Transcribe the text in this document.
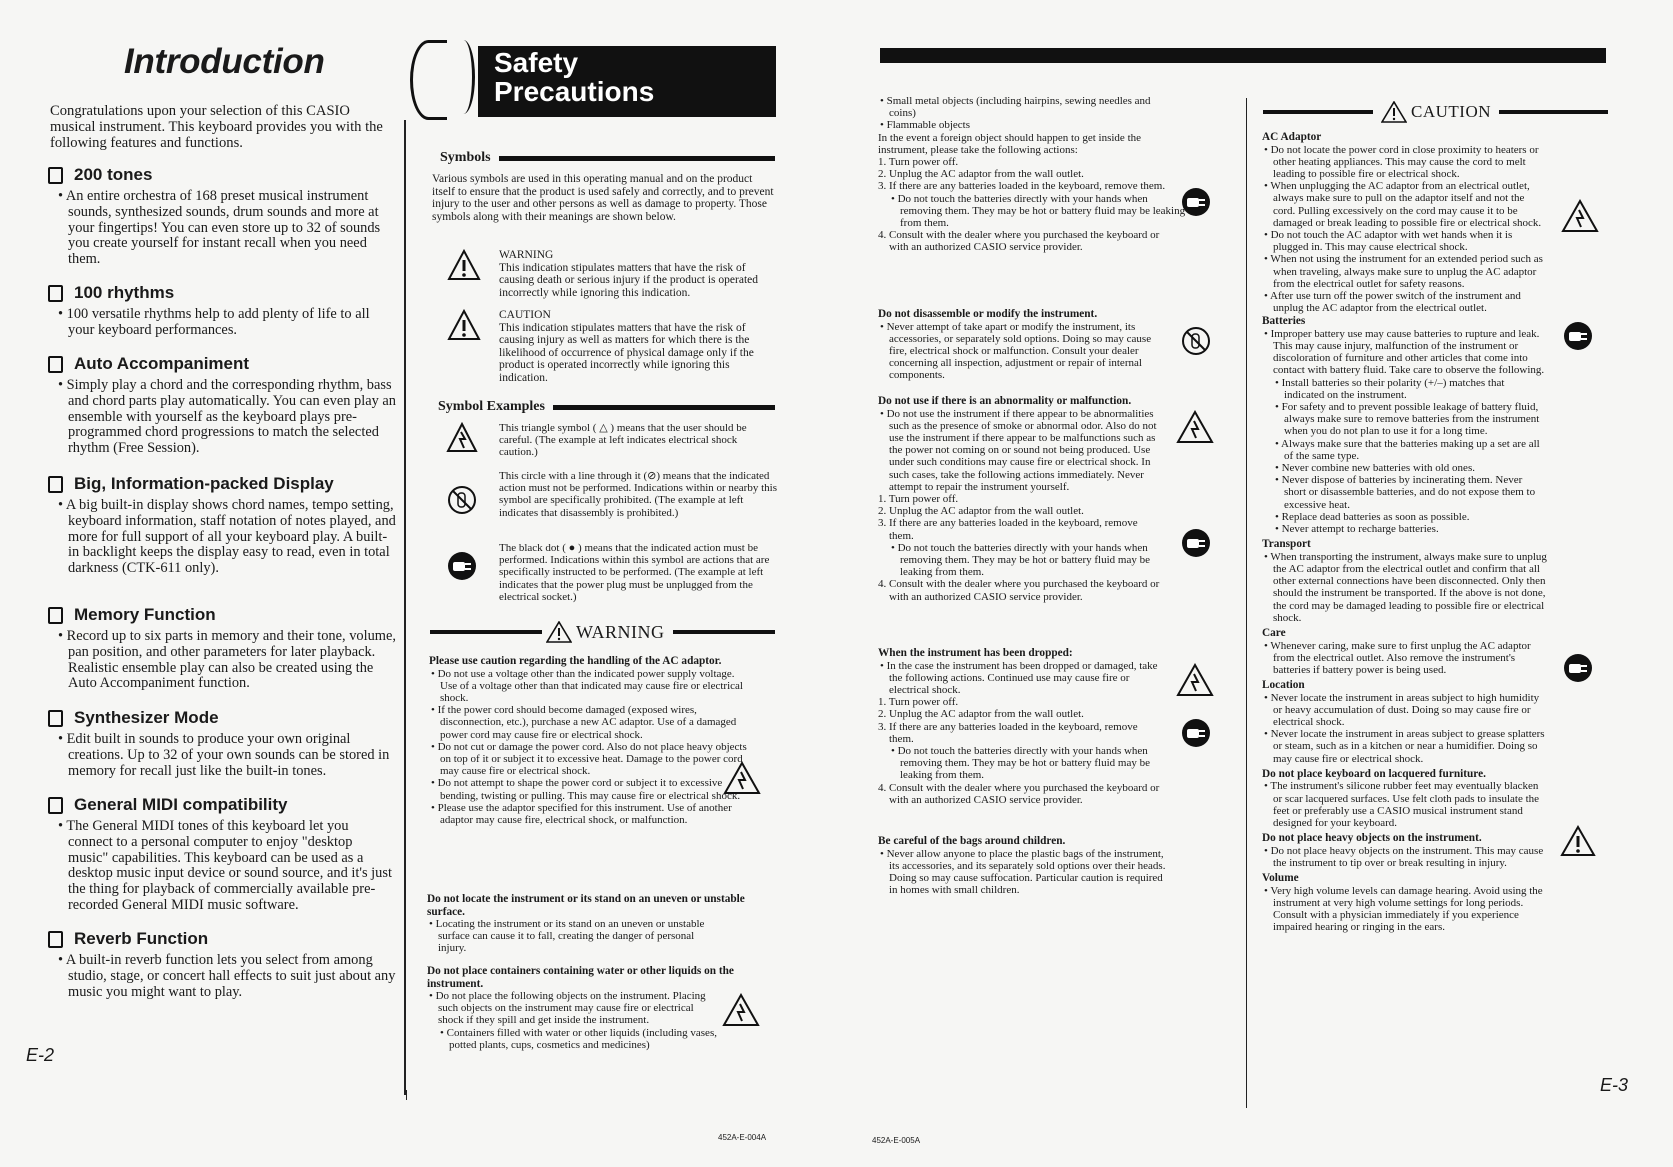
Introduction
Congratulations upon your selection of this CASIO musical instrument. This keyboard provides you with the following features and functions.
200 tones
• An entire orchestra of 168 preset musical instrument sounds, synthesized sounds, drum sounds and more at your fingertips! You can even store up to 32 of sounds you create yourself for instant recall when you need them.
100 rhythms
• 100 versatile rhythms help to add plenty of life to all your keyboard performances.
Auto Accompaniment
• Simply play a chord and the corresponding rhythm, bass and chord parts play automatically. You can even play an ensemble with yourself as the keyboard plays pre-programmed chord progressions to match the selected rhythm (Free Session).
Big, Information-packed Display
• A big built-in display shows chord names, tempo setting, keyboard information, staff notation of notes played, and more for full support of all your keyboard play. A built-in backlight keeps the display easy to read, even in total darkness (CTK-611 only).
Memory Function
• Record up to six parts in memory and their tone, volume, pan position, and other parameters for later playback. Realistic ensemble play can also be created using the Auto Accompaniment function.
Synthesizer Mode
• Edit built in sounds to produce your own original creations. Up to 32 of your own sounds can be stored in memory for recall just like the built-in tones.
General MIDI compatibility
• The General MIDI tones of this keyboard let you connect to a personal computer to enjoy "desktop music" capabilities. This keyboard can be used as a desktop music input device or sound source, and it's just the thing for playback of commercially available pre-recorded General MIDI music software.
Reverb Function
• A built-in reverb function lets you select from among studio, stage, or concert hall effects to suit just about any music you might want to play.
E-2
Safety
Precautions
Symbols
Various symbols are used in this operating manual and on the product itself to ensure that the product is used safely and correctly, and to prevent injury to the user and other persons as well as damage to property. Those symbols along with their meanings are shown below.
WARNING
This indication stipulates matters that have the risk of causing death or serious injury if the product is operated incorrectly while ignoring this indication.
CAUTION
This indication stipulates matters that have the risk of causing injury as well as matters for which there is the likelihood of occurrence of physical damage only if the product is operated incorrectly while ignoring this indication.
Symbol Examples
This triangle symbol ( △ ) means that the user should be careful. (The example at left indicates electrical shock caution.)
This circle with a line through it (⊘) means that the indicated action must not be performed. Indications within or nearby this symbol are specifically prohibited. (The example at left indicates that disassembly is prohibited.)
The black dot ( ● ) means that the indicated action must be performed. Indications within this symbol are actions that are specifically instructed to be performed. (The example at left indicates that the power plug must be unplugged from the electrical socket.)
WARNING
Please use caution regarding the handling of the AC adaptor.
• Do not use a voltage other than the indicated power supply voltage. Use of a voltage other than that indicated may cause fire or electrical shock.
• If the power cord should become damaged (exposed wires, disconnection, etc.), purchase a new AC adaptor. Use of a damaged power cord may cause fire or electrical shock.
• Do not cut or damage the power cord. Also do not place heavy objects on top of it or subject it to excessive heat. Damage to the power cord may cause fire or electrical shock.
• Do not attempt to shape the power cord or subject it to excessive bending, twisting or pulling. This may cause fire or electrical shock.
• Please use the adaptor specified for this instrument. Use of another adaptor may cause fire, electrical shock, or malfunction.
Do not locate the instrument or its stand on an uneven or unstable surface.
• Locating the instrument or its stand on an uneven or unstable surface can cause it to fall, creating the danger of personal injury.
Do not place containers containing water or other liquids on the instrument.
• Do not place the following objects on the instrument. Placing such objects on the instrument may cause fire or electrical shock if they spill and get inside the instrument.
• Containers filled with water or other liquids (including vases, potted plants, cups, cosmetics and medicines)
452A-E-004A
• Small metal objects (including hairpins, sewing needles and coins)
• Flammable objects
In the event a foreign object should happen to get inside the instrument, please take the following actions:
1. Turn power off.
2. Unplug the AC adaptor from the wall outlet.
3. If there are any batteries loaded in the keyboard, remove them.
• Do not touch the batteries directly with your hands when removing them. They may be hot or battery fluid may be leaking from them.
4. Consult with the dealer where you purchased the keyboard or with an authorized CASIO service provider.
Do not disassemble or modify the instrument.
• Never attempt of take apart or modify the instrument, its accessories, or separately sold options. Doing so may cause fire, electrical shock or malfunction. Consult your dealer concerning all inspection, adjustment or repair of internal components.
Do not use if there is an abnormality or malfunction.
• Do not use the instrument if there appear to be abnormalities such as the presence of smoke or abnormal odor. Also do not use the instrument if there appear to be malfunctions such as the power not coming on or sound not being produced. Use under such conditions may cause fire or electrical shock. In such cases, take the following actions immediately. Never attempt to repair the instrument yourself.
1. Turn power off.
2. Unplug the AC adaptor from the wall outlet.
3. If there are any batteries loaded in the keyboard, remove them.
• Do not touch the batteries directly with your hands when removing them. They may be hot or battery fluid may be leaking from them.
4. Consult with the dealer where you purchased the keyboard or with an authorized CASIO service provider.
When the instrument has been dropped:
• In the case the instrument has been dropped or damaged, take the following actions. Continued use may cause fire or electrical shock.
1. Turn power off.
2. Unplug the AC adaptor from the wall outlet.
3. If there are any batteries loaded in the keyboard, remove them.
• Do not touch the batteries directly with your hands when removing them. They may be hot or battery fluid may be leaking from them.
4. Consult with the dealer where you purchased the keyboard or with an authorized CASIO service provider.
Be careful of the bags around children.
• Never allow anyone to place the plastic bags of the instrument, its accessories, and its separately sold options over their heads. Doing so may cause suffocation. Particular caution is required in homes with small children.
CAUTION
AC Adaptor
• Do not locate the power cord in close proximity to heaters or other heating appliances. This may cause the cord to melt leading to possible fire or electrical shock.
• When unplugging the AC adaptor from an electrical outlet, always make sure to pull on the adaptor itself and not the cord. Pulling excessively on the cord may cause it to be damaged or break leading to possible fire or electrical shock.
• Do not touch the AC adaptor with wet hands when it is plugged in. This may cause electrical shock.
• When not using the instrument for an extended period such as when traveling, always make sure to unplug the AC adaptor from the electrical outlet for safety reasons.
• After use turn off the power switch of the instrument and unplug the AC adaptor from the electrical outlet.
Batteries
• Improper battery use may cause batteries to rupture and leak. This may cause injury, malfunction of the instrument or discoloration of furniture and other articles that come into contact with battery fluid. Take care to observe the following.
• Install batteries so their polarity (+/–) matches that indicated on the instrument.
• For safety and to prevent possible leakage of battery fluid, always make sure to remove batteries from the instrument when you do not plan to use it for a long time.
• Always make sure that the batteries making up a set are all of the same type.
• Never combine new batteries with old ones.
• Never dispose of batteries by incinerating them. Never short or disassemble batteries, and do not expose them to excessive heat.
• Replace dead batteries as soon as possible.
• Never attempt to recharge batteries.
Transport
• When transporting the instrument, always make sure to unplug the AC adaptor from the electrical outlet and confirm that all other external connections have been disconnected. Only then should the instrument be transported. If the above is not done, the cord may be damaged leading to possible fire or electrical shock.
Care
• Whenever caring, make sure to first unplug the AC adaptor from the electrical outlet. Also remove the instrument's batteries if battery power is being used.
Location
• Never locate the instrument in areas subject to high humidity or heavy accumulation of dust. Doing so may cause fire or electrical shock.
• Never locate the instrument in areas subject to grease splatters or steam, such as in a kitchen or near a humidifier. Doing so may cause fire or electrical shock.
Do not place keyboard on lacquered furniture.
• The instrument's silicone rubber feet may eventually blacken or scar lacquered surfaces. Use felt cloth pads to insulate the feet or preferably use a CASIO musical instrument stand designed for your keyboard.
Do not place heavy objects on the instrument.
• Do not place heavy objects on the instrument. This may cause the instrument to tip over or break resulting in injury.
Volume
• Very high volume levels can damage hearing. Avoid using the instrument at very high volume settings for long periods. Consult with a physician immediately if you experience impaired hearing or ringing in the ears.
452A-E-005A
E-3
